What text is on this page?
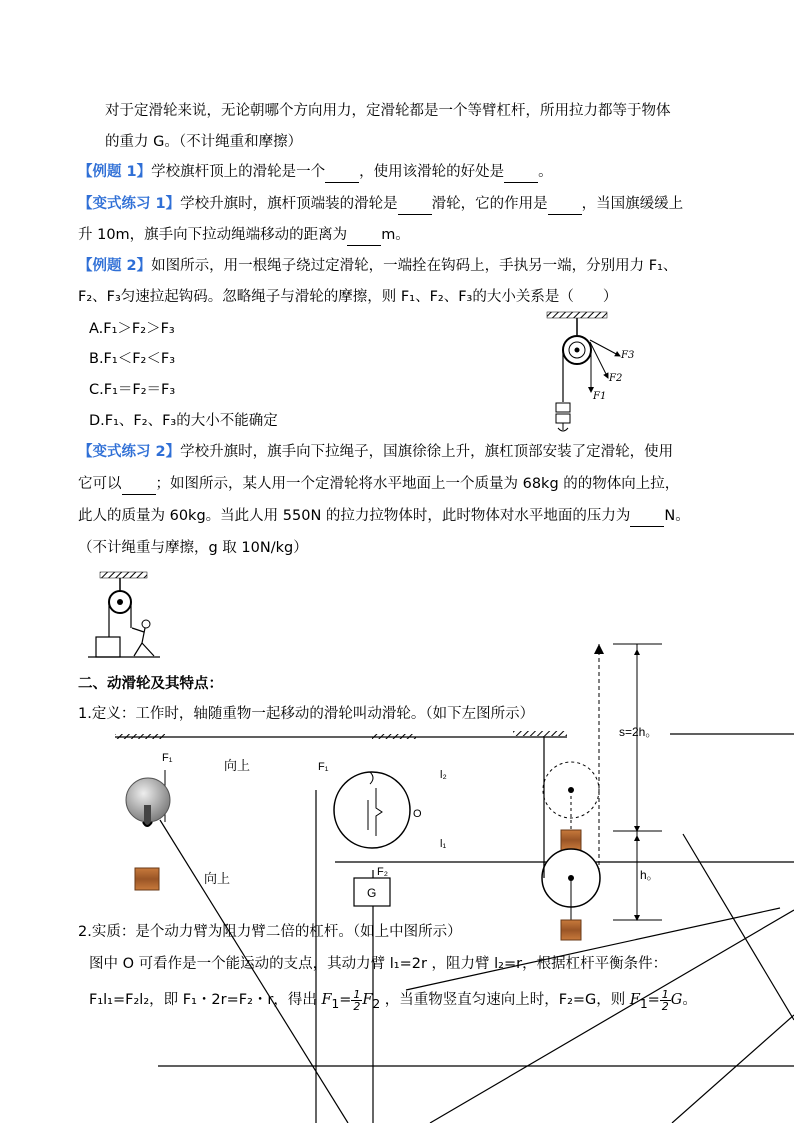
对于定滑轮来说，无论朝哪个方向用力，定滑轮都是一个等臂杠杆，所用拉力都等于物体
的重力 G。（不计绳重和摩擦）
【例题 1】学校旗杆顶上的滑轮是一个 ，使用该滑轮的好处是 。
【变式练习 1】学校升旗时，旗杆顶端装的滑轮是 滑轮，它的作用是 ，当国旗缓缓上
升 10m，旗手向下拉动绳端移动的距离为 m。
【例题 2】如图所示，用一根绳子绕过定滑轮，一端拴在钩码上，手执另一端，分别用力 F₁、
F₂、F₃匀速拉起钩码。忽略绳子与滑轮的摩擦，则 F₁、F₂、F₃的大小关系是（　　）
A.F₁＞F₂＞F₃
B.F₁＜F₂＜F₃
C.F₁＝F₂＝F₃
D.F₁、F₂、F₃的大小不能确定
【变式练习 2】学校升旗时，旗手向下拉绳子，国旗徐徐上升，旗杠顶部安装了定滑轮，使用
它可以 ；如图所示，某人用一个定滑轮将水平地面上一个质量为 68kg 的的物体向上拉，
此人的质量为 60kg。当此人用 550N 的拉力拉物体时，此时物体对水平地面的压力为 N。
（不计绳重与摩擦，g 取 10N/kg）
二、动滑轮及其特点：
1.定义：工作时，轴随重物一起移动的滑轮叫动滑轮。（如下左图所示）
2.实质：是个动力臂为阻力臂二倍的杠杆。（如上中图所示）
图中 O 可看作是一个能运动的支点，其动力臂 l₁=2r ，阻力臂 l₂=r，根据杠杆平衡条件：
F₁l₁=F₂l₂，即 F₁・2r=F₂・r，得出 $F_1= \frac{1}{2} F_2$ ，当重物竖直匀速向上时，F₂=G，则 $F_1= \frac{1}{2}$ G。
F3
F2
F1
F₁	向上
向上
F₁
l₂
O
l₁
F₂
G
s=2h。
h。
